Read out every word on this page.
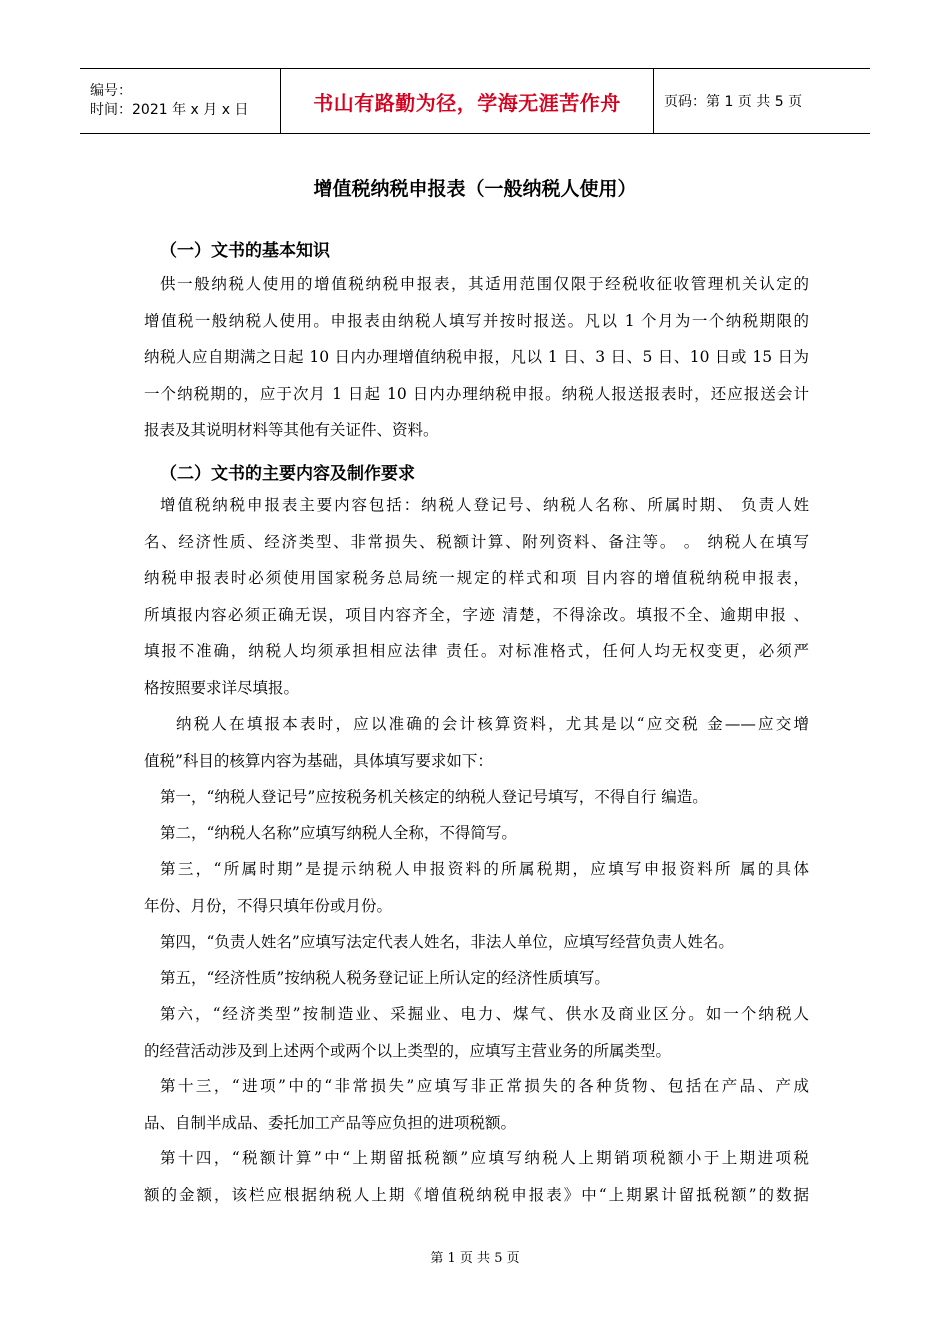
编号：
时间：2021 年 x 月 x 日	书山有路勤为径，学海无涯苦作舟	页码：第 1 页 共 5 页
增值税纳税申报表（一般纳税人使用）
（一）文书的基本知识
供一般纳税人使用的增值税纳税申报表，其适用范围仅限于经税收征收管理机关认定的
增值税一般纳税人使用。申报表由纳税人填写并按时报送。凡以 1 个月为一个纳税期限的
纳税人应自期满之日起 10 日内办理增值纳税申报，凡以 1 日、3 日、5 日、10 日或 15 日为
一个纳税期的，应于次月 1 日起 10 日内办理纳税申报。纳税人报送报表时，还应报送会计
报表及其说明材料等其他有关证件、资料。
（二）文书的主要内容及制作要求
增值税纳税申报表主要内容包括：纳税人登记号、纳税人名称、所属时期、 负责人姓
名、经济性质、经济类型、非常损失、税额计算、附列资料、备注等。 。 纳税人在填写
纳税申报表时必须使用国家税务总局统一规定的样式和项 目内容的增值税纳税申报表，
所填报内容必须正确无误，项目内容齐全，字迹 清楚，不得涂改。填报不全、逾期申报 、
填报不准确，纳税人均须承担相应法律 责任。对标准格式，任何人均无权变更，必须严
格按照要求详尽填报。
纳税人在填报本表时，应以准确的会计核算资料，尤其是以“应交税 金——应交增
值税”科目的核算内容为基础，具体填写要求如下：
第一，“纳税人登记号”应按税务机关核定的纳税人登记号填写，不得自行 编造。
第二，“纳税人名称”应填写纳税人全称，不得简写。
第三，“所属时期”是提示纳税人申报资料的所属税期，应填写申报资料所 属的具体
年份、月份，不得只填年份或月份。
第四，“负责人姓名”应填写法定代表人姓名，非法人单位，应填写经营负责人姓名。
第五，“经济性质”按纳税人税务登记证上所认定的经济性质填写。
第六，“经济类型”按制造业、采掘业、电力、煤气、供水及商业区分。如一个纳税人
的经营活动涉及到上述两个或两个以上类型的，应填写主营业务的所属类型。
第十三，“进项”中的“非常损失”应填写非正常损失的各种货物、包括在产品、产成
品、自制半成品、委托加工产品等应负担的进项税额。
第十四，“税额计算”中“上期留抵税额”应填写纳税人上期销项税额小于上期进项税
额的金额，该栏应根据纳税人上期《增值税纳税申报表》中“上期累计留抵税额”的数据
第 1 页 共 5 页
